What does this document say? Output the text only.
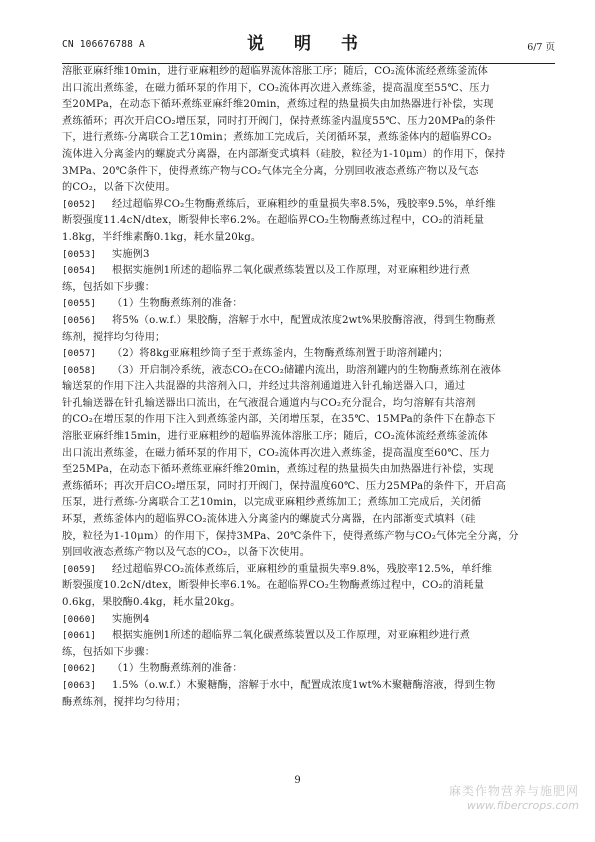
CN 106676788 A	说 明 书	6/7 页
溶胀亚麻纤维10min，进行亚麻粗纱的超临界流体溶胀工序；随后，CO₂流体流经煮练釜流体
出口流出煮练釜，在磁力循环泵的作用下，CO₂流体再次进入煮练釜，提高温度至55℃、压力
至20MPa，在动态下循环煮练亚麻纤维20min，煮练过程的热量损失由加热器进行补偿，实现
煮练循环；再次开启CO₂增压泵，同时打开阀门，保持煮练釜内温度55℃、压力20MPa的条件
下，进行煮练-分离联合工艺10min；煮练加工完成后，关闭循环泵，煮练釜体内的超临界CO₂
流体进入分离釜内的螺旋式分离器，在内部渐变式填料（硅胶，粒径为1-10μm）的作用下，保持
3MPa、20℃条件下，使得煮练产物与CO₂气体完全分离，分别回收液态煮练产物以及气态
的CO₂，以备下次使用。
[0052] 经过超临界CO₂生物酶煮练后，亚麻粗纱的重量损失率8.5%，残胶率9.5%，单纤维
断裂强度11.4cN/dtex，断裂伸长率6.2%。在超临界CO₂生物酶煮练过程中，CO₂的消耗量
1.8kg，半纤维素酶0.1kg，耗水量20kg。
[0053] 实施例3
[0054] 根据实施例1所述的超临界二氧化碳煮练装置以及工作原理，对亚麻粗纱进行煮
练，包括如下步骤：
[0055] （1）生物酶煮练剂的准备：
[0056] 将5%（o.w.f.）果胶酶，溶解于水中，配置成浓度2wt%果胶酶溶液，得到生物酶煮
练剂，搅拌均匀待用；
[0057] （2）将8kg亚麻粗纱筒子至于煮练釜内，生物酶煮练剂置于助溶剂罐内；
[0058] （3）开启制冷系统，液态CO₂在CO₂储罐内流出，助溶剂罐内的生物酶煮练剂在液体
输送泵的作用下注入共混器的共溶剂入口，并经过共溶剂通道进入针孔输送器入口，通过
针孔输送器在针孔输送器出口流出，在气液混合通道内与CO₂充分混合，均匀溶解有共溶剂
的CO₂在增压泵的作用下注入到煮练釜内部，关闭增压泵，在35℃、15MPa的条件下在静态下
溶胀亚麻纤维15min，进行亚麻粗纱的超临界流体溶胀工序；随后，CO₂流体流经煮练釜流体
出口流出煮练釜，在磁力循环泵的作用下，CO₂流体再次进入煮练釜，提高温度至60℃、压力
至25MPa，在动态下循环煮练亚麻纤维20min，煮练过程的热量损失由加热器进行补偿，实现
煮练循环；再次开启CO₂增压泵，同时打开阀门，保持温度60℃、压力25MPa的条件下，开启高
压泵，进行煮练-分离联合工艺10min，以完成亚麻粗纱煮练加工；煮练加工完成后，关闭循
环泵，煮练釜体内的超临界CO₂流体进入分离釜内的螺旋式分离器，在内部渐变式填料（硅
胶，粒径为1-10μm）的作用下，保持3MPa、20℃条件下，使得煮练产物与CO₂气体完全分离，分
别回收液态煮练产物以及气态的CO₂，以备下次使用。
[0059] 经过超临界CO₂流体煮练后，亚麻粗纱的重量损失率9.8%，残胶率12.5%，单纤维
断裂强度10.2cN/dtex，断裂伸长率6.1%。在超临界CO₂生物酶煮练过程中，CO₂的消耗量
0.6kg，果胶酶0.4kg，耗水量20kg。
[0060] 实施例4
[0061] 根据实施例1所述的超临界二氧化碳煮练装置以及工作原理，对亚麻粗纱进行煮
练，包括如下步骤：
[0062] （1）生物酶煮练剂的准备：
[0063] 1.5%（o.w.f.）木聚糖酶，溶解于水中，配置成浓度1wt%木聚糖酶溶液，得到生物
酶煮练剂，搅拌均匀待用；
9
麻类作物营养与施肥网
www.fibercrops.com
